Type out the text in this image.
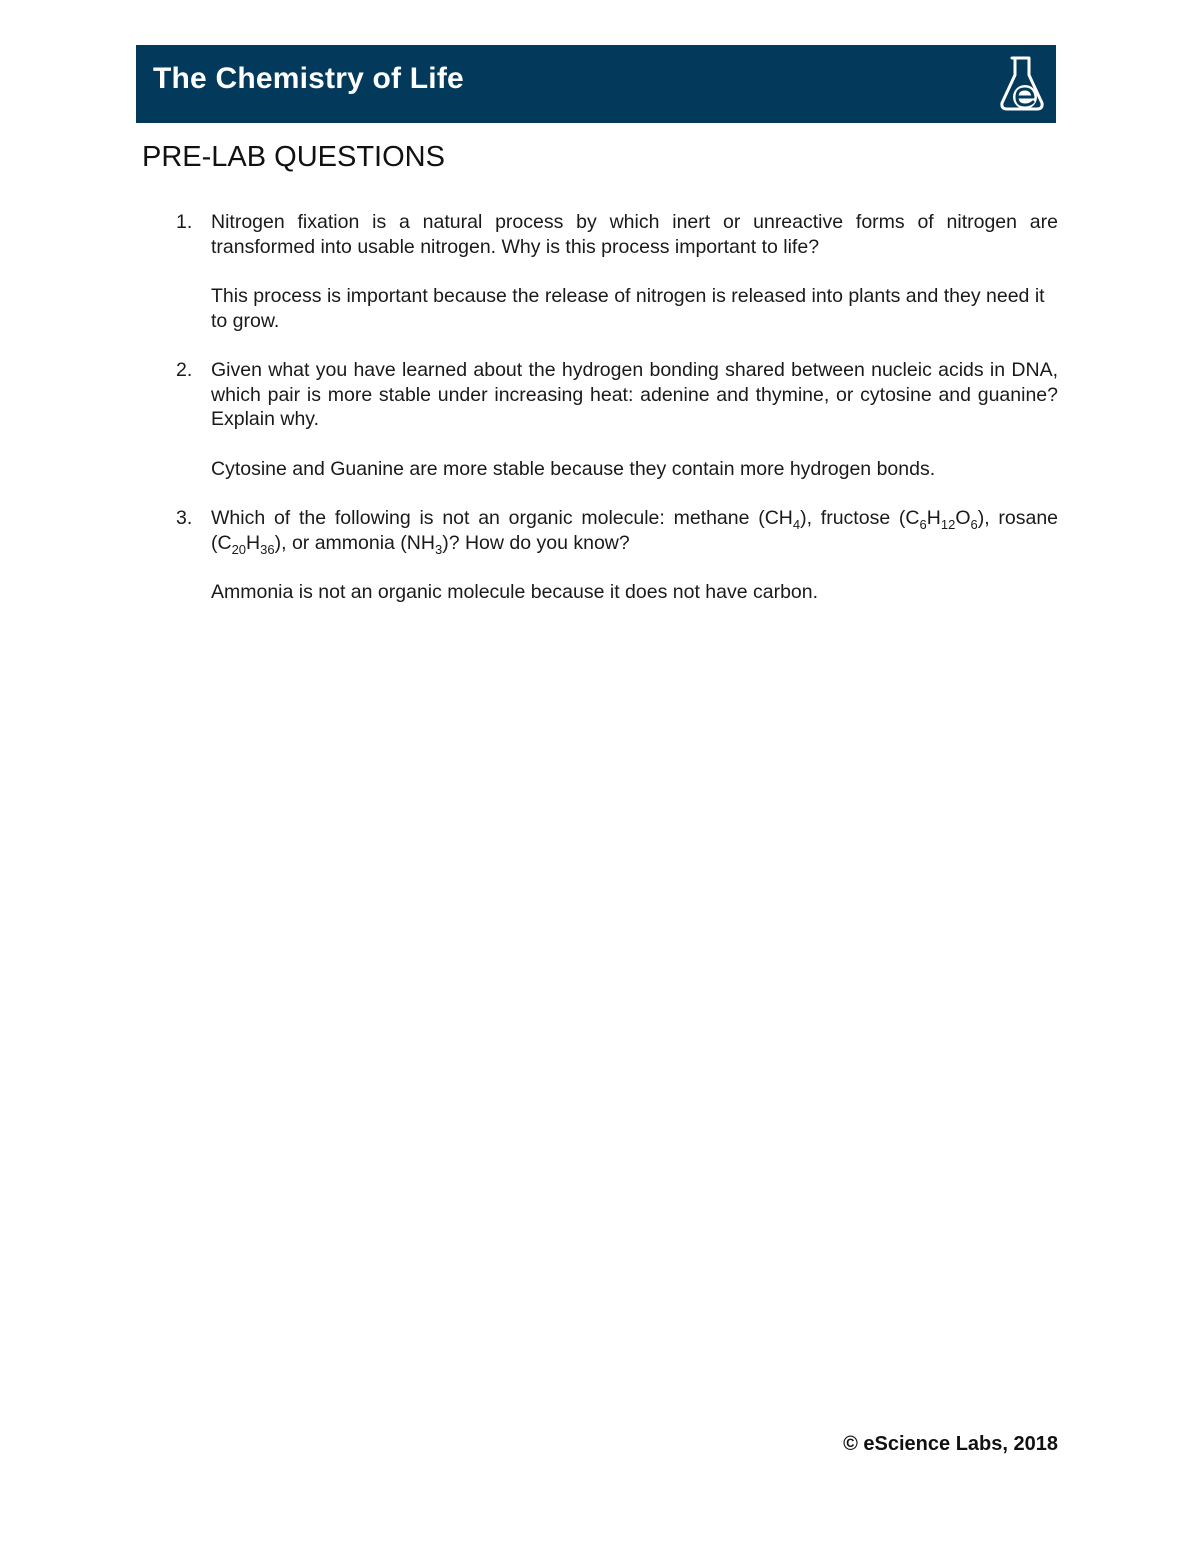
The Chemistry of Life
PRE-LAB QUESTIONS
1. Nitrogen fixation is a natural process by which inert or unreactive forms of nitrogen are transformed into usable nitrogen. Why is this process important to life?

This process is important because the release of nitrogen is released into plants and they need it to grow.

2. Given what you have learned about the hydrogen bonding shared between nucleic acids in DNA, which pair is more stable under increasing heat: adenine and thymine, or cytosine and guanine? Explain why.

Cytosine and Guanine are more stable because they contain more hydrogen bonds.

3. Which of the following is not an organic molecule: methane $(CH_4)$, fructose $(C_6H_{12}O_6)$, rosane $(C_{20}H_{36})$, or ammonia $(NH_3)$? How do you know?

Ammonia is not an organic molecule because it does not have carbon.

© eScience Labs, 2018
